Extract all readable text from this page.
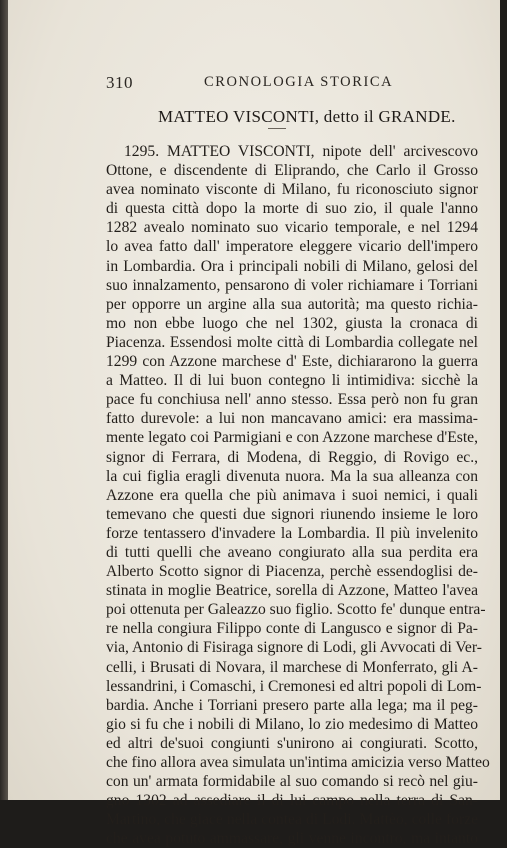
310	CRONOLOGIA STORICA
MATTEO VISCONTI, detto il GRANDE.
1295. MATTEO VISCONTI, nipote dell' arcivescovo
Ottone, e discendente di Eliprando, che Carlo il Grosso
avea nominato visconte di Milano, fu riconosciuto signor
di questa città dopo la morte di suo zio, il quale l'anno
1282 avealo nominato suo vicario temporale, e nel 1294
lo avea fatto dall' imperatore eleggere vicario dell'impero
in Lombardia. Ora i principali nobili di Milano, gelosi del
suo innalzamento, pensarono di voler richiamare i Torriani
per opporre un argine alla sua autorità; ma questo richia-
mo non ebbe luogo che nel 1302, giusta la cronaca di
Piacenza. Essendosi molte città di Lombardia collegate nel
1299 con Azzone marchese d' Este, dichiararono la guerra
a Matteo. Il di lui buon contegno li intimidiva: sicchè la
pace fu conchiusa nell' anno stesso. Essa però non fu gran
fatto durevole: a lui non mancavano amici: era massima-
mente legato coi Parmigiani e con Azzone marchese d'Este,
signor di Ferrara, di Modena, di Reggio, di Rovigo ec.,
la cui figlia eragli divenuta nuora. Ma la sua alleanza con
Azzone era quella che più animava i suoi nemici, i quali
temevano che questi due signori riunendo insieme le loro
forze tentassero d'invadere la Lombardia. Il più invelenito
di tutti quelli che aveano congiurato alla sua perdita era
Alberto Scotto signor di Piacenza, perchè essendoglisi de-
stinata in moglie Beatrice, sorella di Azzone, Matteo l'avea
poi ottenuta per Galeazzo suo figlio. Scotto fe' dunque entra-
re nella congiura Filippo conte di Langusco e signor di Pa-
via, Antonio di Fisiraga signore di Lodi, gli Avvocati di Ver-
celli, i Brusati di Novara, il marchese di Monferrato, gli A-
lessandrini, i Comaschi, i Cremonesi ed altri popoli di Lom-
bardia. Anche i Torriani presero parte alla lega; ma il peg-
gio si fu che i nobili di Milano, lo zio medesimo di Matteo
ed altri de'suoi congiunti s'unirono ai congiurati. Scotto,
che fino allora avea simulata un'intima amicizia verso Matteo
con un' armata formidabile al suo comando si recò nel giu-
gno 1302 ad assediare il di lui campo nella terra di San-
Martino, che giace nella contea di Lodi. Mattèo, colle forze
che avea potuto ammassare, gli venne incontro, ma intanto
